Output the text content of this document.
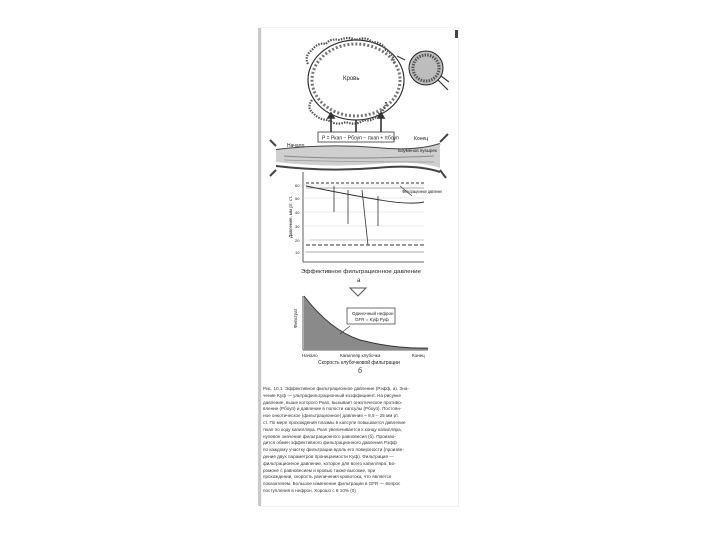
Кровь
P = Pкап − Pбоуп − πкап + πбоуп
Начало
Конец
Боуменов пузырек
60
50
40
30
20
10
Давление, мм рт. ст.
Фильтрационное давление
Эффективное фильтрационное давление
а
Фильтрат	Одиночный нефрон
GFR = Kуф Pуф
Начало	Капилляр клубочка	Конец
Скорость клубочковой фильтрации
б
Рис. 10.1. Эффективное фильтрационное давление (Pэфф, а). Зна-
чение Kуф — ультрафильтрационный коэффициент. На рисунке
давление, выше которого Pкап, вызывает онкотическое противо-
вление (Pбоуп) и давление в полости капсулы (Pбоуп). Постоян-
ное онкотическое (фильтрационное) давление ~ 8,5 – 25 мм рт.
ст. По мере прохождения плазмы в капсуле повышается давление
πкап по ходу капилляра. Pкап увеличивается к концу капилляра,
нулевое значение фильтрационного равновесия (б). Произво-
дится обмен эффективного фильтрационного давления Pэфф
по каждому участку фильтрации вдоль его поверхности (произве-
дение двух параметров проницаемости Kуф). Фильтрация —
фильтрационное давление, которое для всего капилляра. Бо-
ромоне с равновесием и кровью также высокие, при
прохождении, скорость увеличения кровотока, что является
показателем. Большое изменение фильтрации в GFR — вопрос
поступления в нефрон. Хорошо с 8 10% (0)
